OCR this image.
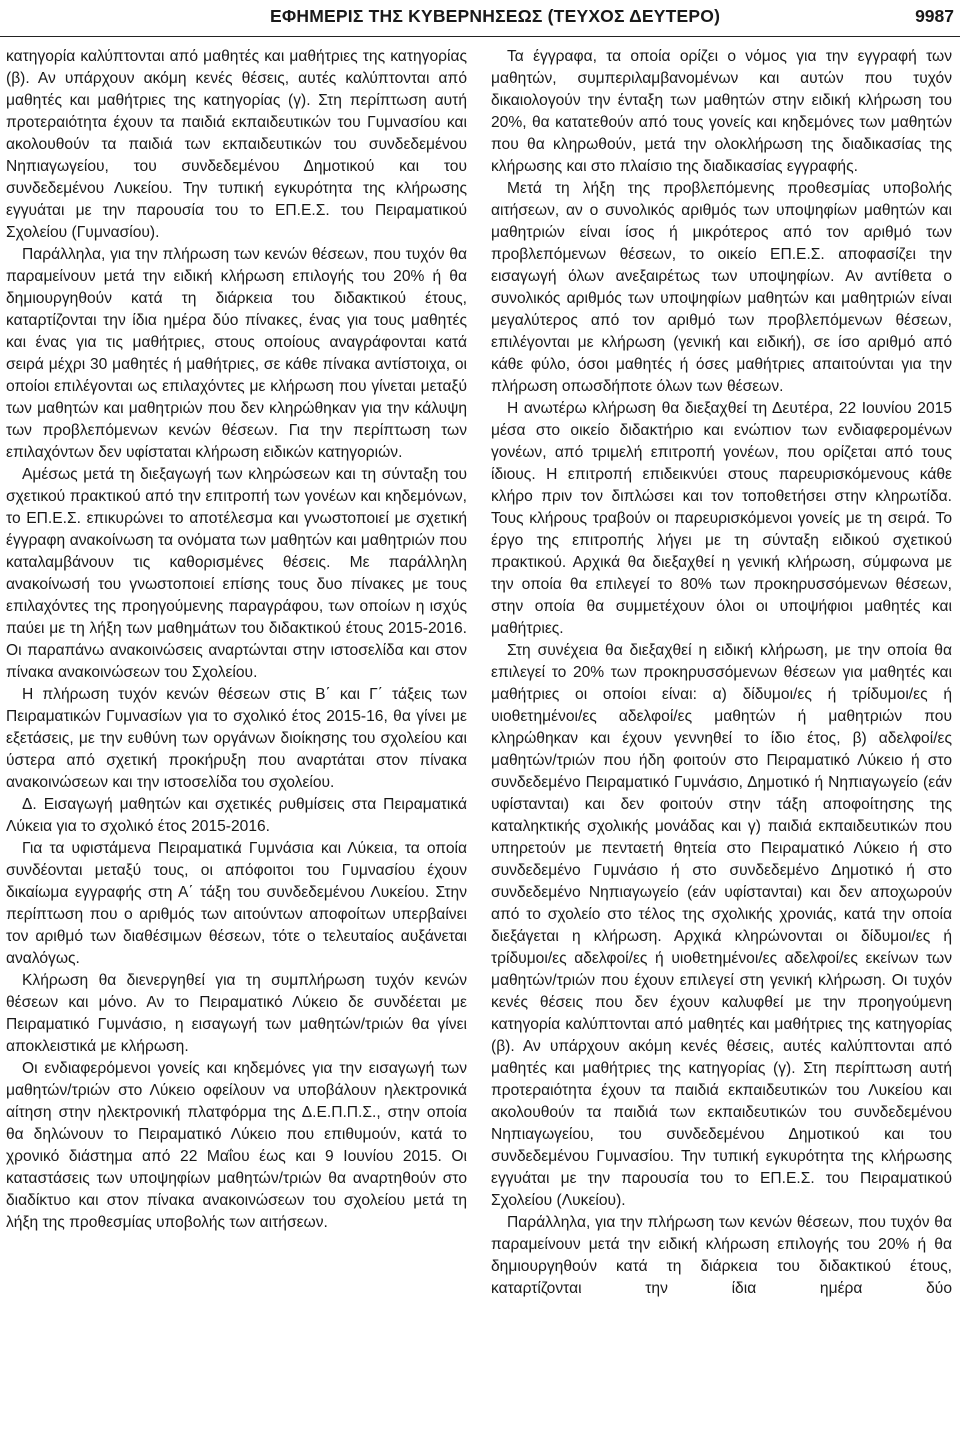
ΕΦΗΜΕΡΙΣ ΤΗΣ ΚΥΒΕΡΝΗΣΕΩΣ (ΤΕΥΧΟΣ ΔΕΥΤΕΡΟ)	9987

κατηγορία καλύπτονται από μαθητές και μαθήτριες της κατηγορίας (β). Αν υπάρχουν ακόμη κενές θέσεις, αυτές καλύπτονται από μαθητές και μαθήτριες της κατηγορίας (γ). Στη περίπτωση αυτή προτεραιότητα έχουν τα παιδιά εκπαιδευτικών του Γυμνασίου και ακολουθούν τα παιδιά των εκπαιδευτικών του συνδεδεμένου Νηπιαγωγείου, του συνδεδεμένου Δημοτικού και του συνδεδεμένου Λυκείου. Την τυπική εγκυρότητα της κλήρωσης εγγυάται με την παρουσία του το ΕΠ.Ε.Σ. του Πειραματικού Σχολείου (Γυμνασίου).

Παράλληλα, για την πλήρωση των κενών θέσεων, που τυχόν θα παραμείνουν μετά την ειδική κλήρωση επιλογής του 20% ή θα δημιουργηθούν κατά τη διάρκεια του διδακτικού έτους, καταρτίζονται την ίδια ημέρα δύο πίνακες, ένας για τους μαθητές και ένας για τις μαθήτριες, στους οποίους αναγράφονται κατά σειρά μέχρι 30 μαθητές ή μαθήτριες, σε κάθε πίνακα αντίστοιχα, οι οποίοι επιλέγονται ως επιλαχόντες με κλήρωση που γίνεται μεταξύ των μαθητών και μαθητριών που δεν κληρώθηκαν για την κάλυψη των προβλεπόμενων κενών θέσεων. Για την περίπτωση των επιλαχόντων δεν υφίσταται κλήρωση ειδικών κατηγοριών.

Αμέσως μετά τη διεξαγωγή των κληρώσεων και τη σύνταξη του σχετικού πρακτικού από την επιτροπή των γονέων και κηδεμόνων, το ΕΠ.Ε.Σ. επικυρώνει το αποτέλεσμα και γνωστοποιεί με σχετική έγγραφη ανακοίνωση τα ονόματα των μαθητών και μαθητριών που καταλαμβάνουν τις καθορισμένες θέσεις. Με παράλληλη ανακοίνωσή του γνωστοποιεί επίσης τους δυο πίνακες με τους επιλαχόντες της προηγούμενης παραγράφου, των οποίων η ισχύς παύει με τη λήξη των μαθημάτων του διδακτικού έτους 2015-2016. Οι παραπάνω ανακοινώσεις αναρτώνται στην ιστοσελίδα και στον πίνακα ανακοινώσεων του Σχολείου.

Η πλήρωση τυχόν κενών θέσεων στις Β΄ και Γ΄ τάξεις των Πειραματικών Γυμνασίων για το σχολικό έτος 2015-16, θα γίνει με εξετάσεις, με την ευθύνη των οργάνων διοίκησης του σχολείου και ύστερα από σχετική προκήρυξη που αναρτάται στον πίνακα ανακοινώσεων και την ιστοσελίδα του σχολείου.

Δ. Εισαγωγή μαθητών και σχετικές ρυθμίσεις στα Πειραματικά Λύκεια για το σχολικό έτος 2015-2016.

Για τα υφιστάμενα Πειραματικά Γυμνάσια και Λύκεια, τα οποία συνδέονται μεταξύ τους, οι απόφοιτοι του Γυμνασίου έχουν δικαίωμα εγγραφής στη Α΄ τάξη του συνδεδεμένου Λυκείου. Στην περίπτωση που ο αριθμός των αιτούντων αποφοίτων υπερβαίνει τον αριθμό των διαθέσιμων θέσεων, τότε ο τελευταίος αυξάνεται αναλόγως.

Κλήρωση θα διενεργηθεί για τη συμπλήρωση τυχόν κενών θέσεων και μόνο. Αν το Πειραματικό Λύκειο δε συνδέεται με Πειραματικό Γυμνάσιο, η εισαγωγή των μαθητών/τριών θα γίνει αποκλειστικά με κλήρωση.

Οι ενδιαφερόμενοι γονείς και κηδεμόνες για την εισαγωγή των μαθητών/τριών στο Λύκειο οφείλουν να υποβάλουν ηλεκτρονικά αίτηση στην ηλεκτρονική πλατφόρμα της Δ.Ε.Π.Π.Σ., στην οποία θα δηλώνουν το Πειραματικό Λύκειο που επιθυμούν, κατά το χρονικό διάστημα από 22 Μαΐου έως και 9 Ιουνίου 2015. Οι καταστάσεις των υποψηφίων μαθητών/τριών θα αναρτηθούν στο διαδίκτυο και στον πίνακα ανακοινώσεων του σχολείου μετά τη λήξη της προθεσμίας υποβολής των αιτήσεων.

Τα έγγραφα, τα οποία ορίζει ο νόμος για την εγγραφή των μαθητών, συμπεριλαμβανομένων και αυτών που τυχόν δικαιολογούν την ένταξη των μαθητών στην ειδική κλήρωση του 20%, θα κατατεθούν από τους γονείς και κηδεμόνες των μαθητών που θα κληρωθούν, μετά την ολοκλήρωση της διαδικασίας της κλήρωσης και στο πλαίσιο της διαδικασίας εγγραφής.

Μετά τη λήξη της προβλεπόμενης προθεσμίας υποβολής αιτήσεων, αν ο συνολικός αριθμός των υποψηφίων μαθητών και μαθητριών είναι ίσος ή μικρότερος από τον αριθμό των προβλεπόμενων θέσεων, το οικείο ΕΠ.Ε.Σ. αποφασίζει την εισαγωγή όλων ανεξαιρέτως των υποψηφίων. Αν αντίθετα ο συνολικός αριθμός των υποψηφίων μαθητών και μαθητριών είναι μεγαλύτερος από τον αριθμό των προβλεπόμενων θέσεων, επιλέγονται με κλήρωση (γενική και ειδική), σε ίσο αριθμό από κάθε φύλο, όσοι μαθητές ή όσες μαθήτριες απαιτούνται για την πλήρωση οπωσδήποτε όλων των θέσεων.

Η ανωτέρω κλήρωση θα διεξαχθεί τη Δευτέρα, 22 Ιουνίου 2015 μέσα στο οικείο διδακτήριο και ενώπιον των ενδιαφερομένων γονέων, από τριμελή επιτροπή γονέων, που ορίζεται από τους ίδιους. Η επιτροπή επιδεικνύει στους παρευρισκόμενους κάθε κλήρο πριν τον διπλώσει και τον τοποθετήσει στην κληρωτίδα. Τους κλήρους τραβούν οι παρευρισκόμενοι γονείς με τη σειρά. Το έργο της επιτροπής λήγει με τη σύνταξη ειδικού σχετικού πρακτικού. Αρχικά θα διεξαχθεί η γενική κλήρωση, σύμφωνα με την οποία θα επιλεγεί το 80% των προκηρυσσόμενων θέσεων, στην οποία θα συμμετέχουν όλοι οι υποψήφιοι μαθητές και μαθήτριες.

Στη συνέχεια θα διεξαχθεί η ειδική κλήρωση, με την οποία θα επιλεγεί το 20% των προκηρυσσόμενων θέσεων για μαθητές και μαθήτριες οι οποίοι είναι: α) δίδυμοι/ες ή τρίδυμοι/ες ή υιοθετημένοι/ες αδελφοί/ες μαθητών ή μαθητριών που κληρώθηκαν και έχουν γεννηθεί το ίδιο έτος, β) αδελφοί/ες μαθητών/τριών που ήδη φοιτούν στο Πειραματικό Λύκειο ή στο συνδεδεμένο Πειραματικό Γυμνάσιο, Δημοτικό ή Νηπιαγωγείο (εάν υφίστανται) και δεν φοιτούν στην τάξη αποφοίτησης της καταληκτικής σχολικής μονάδας και γ) παιδιά εκπαιδευτικών που υπηρετούν με πενταετή θητεία στο Πειραματικό Λύκειο ή στο συνδεδεμένο Γυμνάσιο ή στο συνδεδεμένο Δημοτικό ή στο συνδεδεμένο Νηπιαγωγείο (εάν υφίστανται) και δεν αποχωρούν από το σχολείο στο τέλος της σχολικής χρονιάς, κατά την οποία διεξάγεται η κλήρωση. Αρχικά κληρώνονται οι δίδυμοι/ες ή τρίδυμοι/ες αδελφοί/ες ή υιοθετημένοι/ες αδελφοί/ες εκείνων των μαθητών/τριών που έχουν επιλεγεί στη γενική κλήρωση. Οι τυχόν κενές θέσεις που δεν έχουν καλυφθεί με την προηγούμενη κατηγορία καλύπτονται από μαθητές και μαθήτριες της κατηγορίας (β). Αν υπάρχουν ακόμη κενές θέσεις, αυτές καλύπτονται από μαθητές και μαθήτριες της κατηγορίας (γ). Στη περίπτωση αυτή προτεραιότητα έχουν τα παιδιά εκπαιδευτικών του Λυκείου και ακολουθούν τα παιδιά των εκπαιδευτικών του συνδεδεμένου Νηπιαγωγείου, του συνδεδεμένου Δημοτικού και του συνδεδεμένου Γυμνασίου. Την τυπική εγκυρότητα της κλήρωσης εγγυάται με την παρουσία του το ΕΠ.Ε.Σ. του Πειραματικού Σχολείου (Λυκείου).

Παράλληλα, για την πλήρωση των κενών θέσεων, που τυχόν θα παραμείνουν μετά την ειδική κλήρωση επιλογής του 20% ή θα δημιουργηθούν κατά τη διάρκεια του διδακτικού έτους, καταρτίζονται την ίδια ημέρα δύο
